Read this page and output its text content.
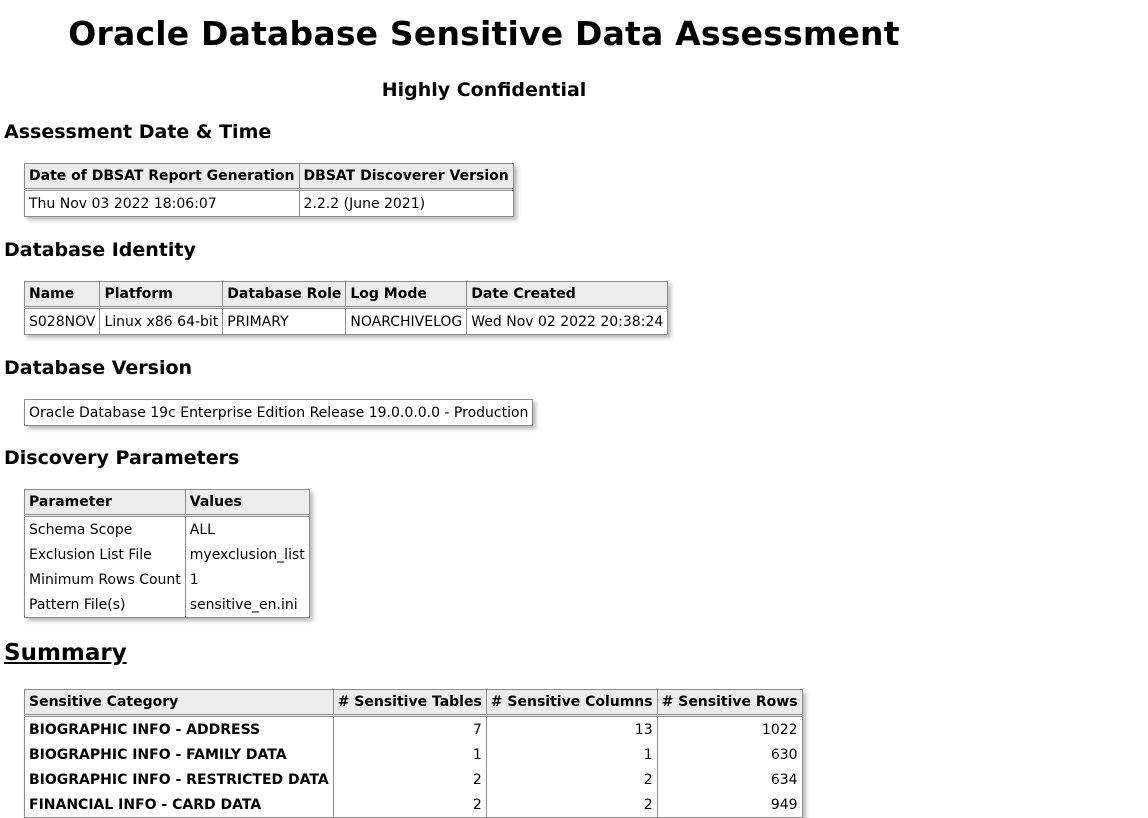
Oracle Database Sensitive Data Assessment
Highly Confidential
Assessment Date & Time
Date of DBSAT Report Generation	DBSAT Discoverer Version
Thu Nov 03 2022 18:06:07	2.2.2 (June 2021)
Database Identity
Name	Platform	Database Role	Log Mode	Date Created
S028NOV	Linux x86 64-bit	PRIMARY	NOARCHIVELOG	Wed Nov 02 2022 20:38:24
Database Version
Oracle Database 19c Enterprise Edition Release 19.0.0.0.0 - Production
Discovery Parameters
Parameter	Values
Schema Scope	ALL
Exclusion List File	myexclusion_list
Minimum Rows Count	1
Pattern File(s)	sensitive_en.ini
Summary
Sensitive Category	# Sensitive Tables	# Sensitive Columns	# Sensitive Rows
BIOGRAPHIC INFO - ADDRESS	7	13	1022
BIOGRAPHIC INFO - FAMILY DATA	1	1	630
BIOGRAPHIC INFO - RESTRICTED DATA	2	2	634
FINANCIAL INFO - CARD DATA	2	2	949
